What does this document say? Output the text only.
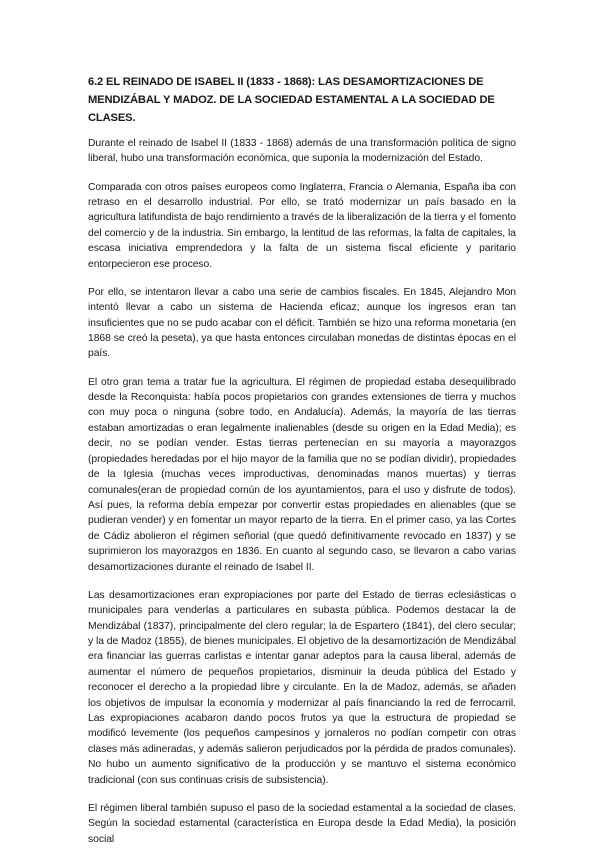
6.2 EL REINADO DE ISABEL II (1833 - 1868): LAS DESAMORTIZACIONES DE MENDIZÁBAL Y MADOZ. DE LA SOCIEDAD ESTAMENTAL A LA SOCIEDAD DE CLASES.

Durante el reinado de Isabel II (1833 - 1868) además de una transformación política de signo liberal, hubo una transformación económica, que suponía la modernización del Estado.

Comparada con otros países europeos como Inglaterra, Francia o Alemania, España iba con retraso en el desarrollo industrial. Por ello, se trató modernizar un país basado en la agricultura latifundista de bajo rendimiento a través de la liberalización de la tierra y el fomento del comercio y de la industria. Sin embargo, la lentitud de las reformas, la falta de capitales, la escasa iniciativa emprendedora y la falta de un sistema fiscal eficiente y paritario entorpecieron ese proceso.

Por ello, se intentaron llevar a cabo una serie de cambios fiscales. En 1845, Alejandro Mon intentó llevar a cabo un sistema de Hacienda eficaz; aunque los ingresos eran tan insuficientes que no se pudo acabar con el déficit. También se hizo una reforma monetaria (en 1868 se creó la peseta), ya que hasta entonces circulaban monedas de distintas épocas en el país.

El otro gran tema a tratar fue la agricultura. El régimen de propiedad estaba desequilibrado desde la Reconquista: había pocos propietarios con grandes extensiones de tierra y muchos con muy poca o ninguna (sobre todo, en Andalucía). Además, la mayoría de las tierras estaban amortizadas o eran legalmente inalienables (desde su origen en la Edad Media); es decir, no se podían vender. Estas tierras pertenecían en su mayoría a mayorazgos (propiedades heredadas por el hijo mayor de la familia que no se podían dividir), propiedades de la Iglesia (muchas veces improductivas, denominadas manos muertas) y tierras comunales(eran de propiedad común de los ayuntamientos, para el uso y disfrute de todos). Así pues, la reforma debía empezar por convertir estas propiedades en alienables (que se pudieran vender) y en fomentar un mayor reparto de la tierra. En el primer caso, ya las Cortes de Cádiz abolieron el régimen señorial (que quedó definitivamente revocado en 1837) y se suprimieron los mayorazgos en 1836. En cuanto al segundo caso, se llevaron a cabo varias desamortizaciones durante el reinado de Isabel II.

Las desamortizaciones eran expropiaciones por parte del Estado de tierras eclesiásticas o municipales para venderlas a particulares en subasta pública. Podemos destacar la de Mendizábal (1837), principalmente del clero regular; la de Espartero (1841), del clero secular; y la de Madoz (1855), de bienes municipales. El objetivo de la desamortización de Mendizábal era financiar las guerras carlistas e intentar ganar adeptos para la causa liberal, además de aumentar el número de pequeños propietarios, disminuir la deuda pública del Estado y reconocer el derecho a la propiedad libre y circulante. En la de Madoz, además, se añaden los objetivos de impulsar la economía y modernizar al país financiando la red de ferrocarril. Las expropiaciones acabaron dando pocos frutos ya que la estructura de propiedad se modificó levemente (los pequeños campesinos y jornaleros no podían competir con otras clases más adineradas, y además salieron perjudicados por la pérdida de prados comunales). No hubo un aumento significativo de la producción y se mantuvo el sistema económico tradicional (con sus continuas crisis de subsistencia).

El régimen liberal también supuso el paso de la sociedad estamental a la sociedad de clases. Según la sociedad estamental (característica en Europa desde la Edad Media), la posición social
